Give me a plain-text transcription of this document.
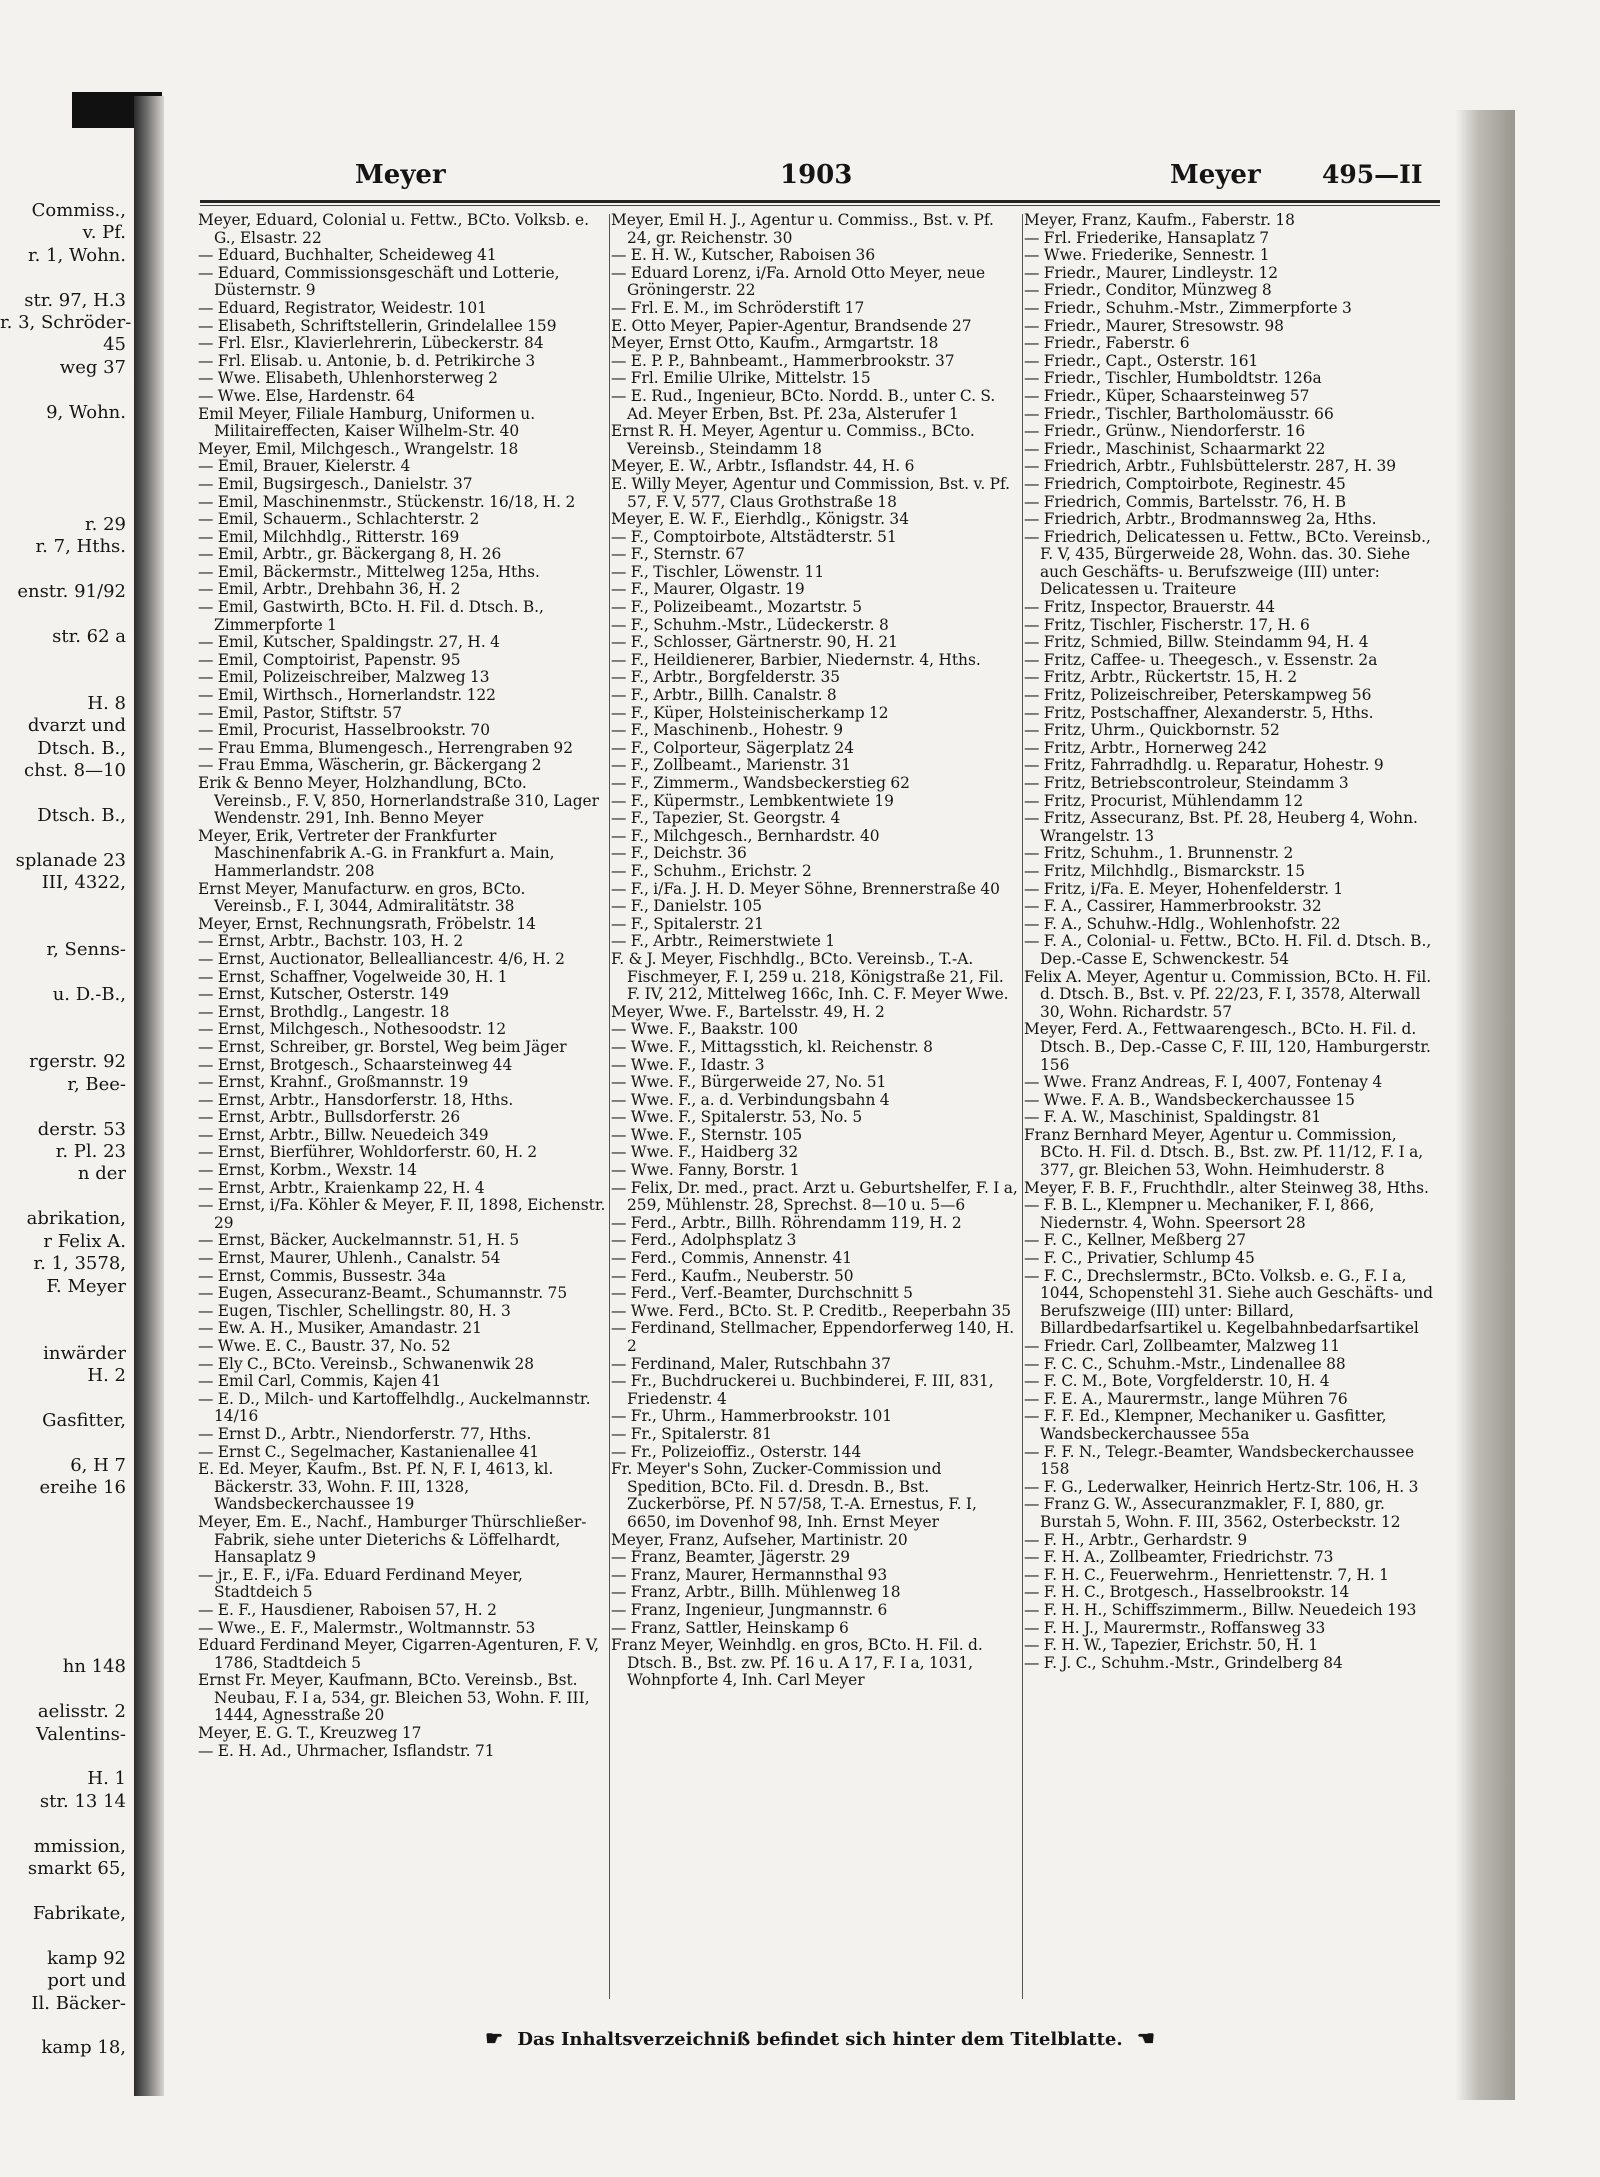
Commiss.,
v. Pf.
r. 1, Wohn.

str. 97, H.3
r. 3, Schröder-
45
weg 37

9, Wohn.

r. 29
r. 7, Hths.

enstr. 91/92

str. 62 a

H. 8
dvarzt und
Dtsch. B.,
chst. 8—10

Dtsch. B.,

splanade 23
III, 4322,

r, Senns-

u. D.-B.,

rgerstr. 92
r, Bee-

derstr. 53
r. Pl. 23
n der

abrikation,
r Felix A.
r. 1, 3578,
F. Meyer

inwärder
H. 2

Gasfitter,

6, H 7
ereihe 16

hn 148

aelisstr. 2
Valentins-

H. 1
str. 13 14

mmission,
smarkt 65,

Fabrikate,

kamp 92
port und
Il. Bäcker-

kamp 18,
Meyer	1903	Meyer 495—II

Meyer, Eduard, Colonial u. Fettw., BCto. Volksb. e. G., Elsastr. 22

— Eduard, Buchhalter, Scheideweg 41

— Eduard, Commissionsgeschäft und Lotterie, Düsternstr. 9

— Eduard, Registrator, Weidestr. 101

— Elisabeth, Schriftstellerin, Grindelallee 159

— Frl. Elsr., Klavierlehrerin, Lübeckerstr. 84

— Frl. Elisab. u. Antonie, b. d. Petrikirche 3

— Wwe. Elisabeth, Uhlenhorsterweg 2

— Wwe. Else, Hardenstr. 64

Emil Meyer, Filiale Hamburg, Uniformen u. Militaireffecten, Kaiser Wilhelm-Str. 40

Meyer, Emil, Milchgesch., Wrangelstr. 18

— Emil, Brauer, Kielerstr. 4

— Emil, Bugsirgesch., Danielstr. 37

— Emil, Maschinenmstr., Stückenstr. 16/18, H. 2

— Emil, Schauerm., Schlachterstr. 2

— Emil, Milchhdlg., Ritterstr. 169

— Emil, Arbtr., gr. Bäckergang 8, H. 26

— Emil, Bäckermstr., Mittelweg 125a, Hths.

— Emil, Arbtr., Drehbahn 36, H. 2

— Emil, Gastwirth, BCto. H. Fil. d. Dtsch. B., Zimmerpforte 1

— Emil, Kutscher, Spaldingstr. 27, H. 4

— Emil, Comptoirist, Papenstr. 95

— Emil, Polizeischreiber, Malzweg 13

— Emil, Wirthsch., Hornerlandstr. 122

— Emil, Pastor, Stiftstr. 57

— Emil, Procurist, Hasselbrookstr. 70

— Frau Emma, Blumengesch., Herrengraben 92

— Frau Emma, Wäscherin, gr. Bäckergang 2

Erik & Benno Meyer, Holzhandlung, BCto. Vereinsb., F. V, 850, Hornerlandstraße 310, Lager Wendenstr. 291, Inh. Benno Meyer

Meyer, Erik, Vertreter der Frankfurter Maschinenfabrik A.-G. in Frankfurt a. Main, Hammerlandstr. 208

Ernst Meyer, Manufacturw. en gros, BCto. Vereinsb., F. I, 3044, Admiralitätstr. 38

Meyer, Ernst, Rechnungsrath, Fröbelstr. 14

— Ernst, Arbtr., Bachstr. 103, H. 2

— Ernst, Auctionator, Bellealliancestr. 4/6, H. 2

— Ernst, Schaffner, Vogelweide 30, H. 1

— Ernst, Kutscher, Osterstr. 149

— Ernst, Brothdlg., Langestr. 18

— Ernst, Milchgesch., Nothesoodstr. 12

— Ernst, Schreiber, gr. Borstel, Weg beim Jäger

— Ernst, Brotgesch., Schaarsteinweg 44

— Ernst, Krahnf., Großmannstr. 19

— Ernst, Arbtr., Hansdorferstr. 18, Hths.

— Ernst, Arbtr., Bullsdorferstr. 26

— Ernst, Arbtr., Billw. Neuedeich 349

— Ernst, Bierführer, Wohldorferstr. 60, H. 2

— Ernst, Korbm., Wexstr. 14

— Ernst, Arbtr., Kraienkamp 22, H. 4

— Ernst, i/Fa. Köhler & Meyer, F. II, 1898, Eichenstr. 29

— Ernst, Bäcker, Auckelmannstr. 51, H. 5

— Ernst, Maurer, Uhlenh., Canalstr. 54

— Ernst, Commis, Bussestr. 34a

— Eugen, Assecuranz-Beamt., Schumannstr. 75

— Eugen, Tischler, Schellingstr. 80, H. 3

— Ew. A. H., Musiker, Amandastr. 21

— Wwe. E. C., Baustr. 37, No. 52

— Ely C., BCto. Vereinsb., Schwanenwik 28

— Emil Carl, Commis, Kajen 41

— E. D., Milch- und Kartoffelhdlg., Auckelmannstr. 14/16

— Ernst D., Arbtr., Niendorferstr. 77, Hths.

— Ernst C., Segelmacher, Kastanienallee 41

E. Ed. Meyer, Kaufm., Bst. Pf. N, F. I, 4613, kl. Bäckerstr. 33, Wohn. F. III, 1328, Wandsbeckerchaussee 19

Meyer, Em. E., Nachf., Hamburger Thürschließer-Fabrik, siehe unter Dieterichs & Löffelhardt, Hansaplatz 9

— jr., E. F., i/Fa. Eduard Ferdinand Meyer, Stadtdeich 5

— E. F., Hausdiener, Raboisen 57, H. 2

— Wwe., E. F., Malermstr., Woltmannstr. 53

Eduard Ferdinand Meyer, Cigarren-Agenturen, F. V, 1786, Stadtdeich 5

Ernst Fr. Meyer, Kaufmann, BCto. Vereinsb., Bst. Neubau, F. I a, 534, gr. Bleichen 53, Wohn. F. III, 1444, Agnesstraße 20

Meyer, E. G. T., Kreuzweg 17

— E. H. Ad., Uhrmacher, Isflandstr. 71

Meyer, Emil H. J., Agentur u. Commiss., Bst. v. Pf. 24, gr. Reichenstr. 30

— E. H. W., Kutscher, Raboisen 36

— Eduard Lorenz, i/Fa. Arnold Otto Meyer, neue Gröningerstr. 22

— Frl. E. M., im Schröderstift 17

E. Otto Meyer, Papier-Agentur, Brandsende 27

Meyer, Ernst Otto, Kaufm., Armgartstr. 18

— E. P. P., Bahnbeamt., Hammerbrookstr. 37

— Frl. Emilie Ulrike, Mittelstr. 15

— E. Rud., Ingenieur, BCto. Nordd. B., unter C. S. Ad. Meyer Erben, Bst. Pf. 23a, Alsterufer 1

Ernst R. H. Meyer, Agentur u. Commiss., BCto. Vereinsb., Steindamm 18

Meyer, E. W., Arbtr., Isflandstr. 44, H. 6

E. Willy Meyer, Agentur und Commission, Bst. v. Pf. 57, F. V, 577, Claus Grothstraße 18

Meyer, E. W. F., Eierhdlg., Königstr. 34

— F., Comptoirbote, Altstädterstr. 51

— F., Sternstr. 67

— F., Tischler, Löwenstr. 11

— F., Maurer, Olgastr. 19

— F., Polizeibeamt., Mozartstr. 5

— F., Schuhm.-Mstr., Lüdeckerstr. 8

— F., Schlosser, Gärtnerstr. 90, H. 21

— F., Heildienerer, Barbier, Niedernstr. 4, Hths.

— F., Arbtr., Borgfelderstr. 35

— F., Arbtr., Billh. Canalstr. 8

— F., Küper, Holsteinischerkamp 12

— F., Maschinenb., Hohestr. 9

— F., Colporteur, Sägerplatz 24

— F., Zollbeamt., Marienstr. 31

— F., Zimmerm., Wandsbeckerstieg 62

— F., Küpermstr., Lembkentwiete 19

— F., Tapezier, St. Georgstr. 4

— F., Milchgesch., Bernhardstr. 40

— F., Deichstr. 36

— F., Schuhm., Erichstr. 2

— F., i/Fa. J. H. D. Meyer Söhne, Brennerstraße 40

— F., Danielstr. 105

— F., Spitalerstr. 21

— F., Arbtr., Reimerstwiete 1

F. & J. Meyer, Fischhdlg., BCto. Vereinsb., T.-A. Fischmeyer, F. I, 259 u. 218, Königstraße 21, Fil. F. IV, 212, Mittelweg 166c, Inh. C. F. Meyer Wwe.

Meyer, Wwe. F., Bartelsstr. 49, H. 2

— Wwe. F., Baakstr. 100

— Wwe. F., Mittagsstich, kl. Reichenstr. 8

— Wwe. F., Idastr. 3

— Wwe. F., Bürgerweide 27, No. 51

— Wwe. F., a. d. Verbindungsbahn 4

— Wwe. F., Spitalerstr. 53, No. 5

— Wwe. F., Sternstr. 105

— Wwe. F., Haidberg 32

— Wwe. Fanny, Borstr. 1

— Felix, Dr. med., pract. Arzt u. Geburtshelfer, F. I a, 259, Mühlenstr. 28, Sprechst. 8—10 u. 5—6

— Ferd., Arbtr., Billh. Röhrendamm 119, H. 2

— Ferd., Adolphsplatz 3

— Ferd., Commis, Annenstr. 41

— Ferd., Kaufm., Neuberstr. 50

— Ferd., Verf.-Beamter, Durchschnitt 5

— Wwe. Ferd., BCto. St. P. Creditb., Reeperbahn 35

— Ferdinand, Stellmacher, Eppendorferweg 140, H. 2

— Ferdinand, Maler, Rutschbahn 37

— Fr., Buchdruckerei u. Buchbinderei, F. III, 831, Friedenstr. 4

— Fr., Uhrm., Hammerbrookstr. 101

— Fr., Spitalerstr. 81

— Fr., Polizeioffiz., Osterstr. 144

Fr. Meyer's Sohn, Zucker-Commission und Spedition, BCto. Fil. d. Dresdn. B., Bst. Zuckerbörse, Pf. N 57/58, T.-A. Ernestus, F. I, 6650, im Dovenhof 98, Inh. Ernst Meyer

Meyer, Franz, Aufseher, Martinistr. 20

— Franz, Beamter, Jägerstr. 29

— Franz, Maurer, Hermannsthal 93

— Franz, Arbtr., Billh. Mühlenweg 18

— Franz, Ingenieur, Jungmannstr. 6

— Franz, Sattler, Heinskamp 6

Franz Meyer, Weinhdlg. en gros, BCto. H. Fil. d. Dtsch. B., Bst. zw. Pf. 16 u. A 17, F. I a, 1031, Wohnpforte 4, Inh. Carl Meyer

Meyer, Franz, Kaufm., Faberstr. 18

— Frl. Friederike, Hansaplatz 7

— Wwe. Friederike, Sennestr. 1

— Friedr., Maurer, Lindleystr. 12

— Friedr., Conditor, Münzweg 8

— Friedr., Schuhm.-Mstr., Zimmerpforte 3

— Friedr., Maurer, Stresowstr. 98

— Friedr., Faberstr. 6

— Friedr., Capt., Osterstr. 161

— Friedr., Tischler, Humboldtstr. 126a

— Friedr., Küper, Schaarsteinweg 57

— Friedr., Tischler, Bartholomäusstr. 66

— Friedr., Grünw., Niendorferstr. 16

— Friedr., Maschinist, Schaarmarkt 22

— Friedrich, Arbtr., Fuhlsbüttelerstr. 287, H. 39

— Friedrich, Comptoirbote, Reginestr. 45

— Friedrich, Commis, Bartelsstr. 76, H. B

— Friedrich, Arbtr., Brodmannsweg 2a, Hths.

— Friedrich, Delicatessen u. Fettw., BCto. Vereinsb., F. V, 435, Bürgerweide 28, Wohn. das. 30. Siehe auch Geschäfts- u. Berufszweige (III) unter: Delicatessen u. Traiteure

— Fritz, Inspector, Brauerstr. 44

— Fritz, Tischler, Fischerstr. 17, H. 6

— Fritz, Schmied, Billw. Steindamm 94, H. 4

— Fritz, Caffee- u. Theegesch., v. Essenstr. 2a

— Fritz, Arbtr., Rückertstr. 15, H. 2

— Fritz, Polizeischreiber, Peterskampweg 56

— Fritz, Postschaffner, Alexanderstr. 5, Hths.

— Fritz, Uhrm., Quickbornstr. 52

— Fritz, Arbtr., Hornerweg 242

— Fritz, Fahrradhdlg. u. Reparatur, Hohestr. 9

— Fritz, Betriebscontroleur, Steindamm 3

— Fritz, Procurist, Mühlendamm 12

— Fritz, Assecuranz, Bst. Pf. 28, Heuberg 4, Wohn. Wrangelstr. 13

— Fritz, Schuhm., 1. Brunnenstr. 2

— Fritz, Milchhdlg., Bismarckstr. 15

— Fritz, i/Fa. E. Meyer, Hohenfelderstr. 1

— F. A., Cassirer, Hammerbrookstr. 32

— F. A., Schuhw.-Hdlg., Wohlenhofstr. 22

— F. A., Colonial- u. Fettw., BCto. H. Fil. d. Dtsch. B., Dep.-Casse E, Schwenckestr. 54

Felix A. Meyer, Agentur u. Commission, BCto. H. Fil. d. Dtsch. B., Bst. v. Pf. 22/23, F. I, 3578, Alterwall 30, Wohn. Richardstr. 57

Meyer, Ferd. A., Fettwaarengesch., BCto. H. Fil. d. Dtsch. B., Dep.-Casse C, F. III, 120, Hamburgerstr. 156

— Wwe. Franz Andreas, F. I, 4007, Fontenay 4

— Wwe. F. A. B., Wandsbeckerchaussee 15

— F. A. W., Maschinist, Spaldingstr. 81

Franz Bernhard Meyer, Agentur u. Commission, BCto. H. Fil. d. Dtsch. B., Bst. zw. Pf. 11/12, F. I a, 377, gr. Bleichen 53, Wohn. Heimhuderstr. 8

Meyer, F. B. F., Fruchthdlr., alter Steinweg 38, Hths.

— F. B. L., Klempner u. Mechaniker, F. I, 866, Niedernstr. 4, Wohn. Speersort 28

— F. C., Kellner, Meßberg 27

— F. C., Privatier, Schlump 45

— F. C., Drechslermstr., BCto. Volksb. e. G., F. I a, 1044, Schopenstehl 31. Siehe auch Geschäfts- und Berufszweige (III) unter: Billard, Billardbedarfsartikel u. Kegelbahnbedarfsartikel

— Friedr. Carl, Zollbeamter, Malzweg 11

— F. C. C., Schuhm.-Mstr., Lindenallee 88

— F. C. M., Bote, Vorgfelderstr. 10, H. 4

— F. E. A., Maurermstr., lange Mühren 76

— F. F. Ed., Klempner, Mechaniker u. Gasfitter, Wandsbeckerchaussee 55a

— F. F. N., Telegr.-Beamter, Wandsbeckerchaussee 158

— F. G., Lederwalker, Heinrich Hertz-Str. 106, H. 3

— Franz G. W., Assecuranzmakler, F. I, 880, gr. Burstah 5, Wohn. F. III, 3562, Osterbeckstr. 12

— F. H., Arbtr., Gerhardstr. 9

— F. H. A., Zollbeamter, Friedrichstr. 73

— F. H. C., Feuerwehrm., Henriettenstr. 7, H. 1

— F. H. C., Brotgesch., Hasselbrookstr. 14

— F. H. H., Schiffszimmerm., Billw. Neuedeich 193

— F. H. J., Maurermstr., Roffansweg 33

— F. H. W., Tapezier, Erichstr. 50, H. 1

— F. J. C., Schuhm.-Mstr., Grindelberg 84

☛ Das Inhaltsverzeichniß befindet sich hinter dem Titelblatte. ☚
